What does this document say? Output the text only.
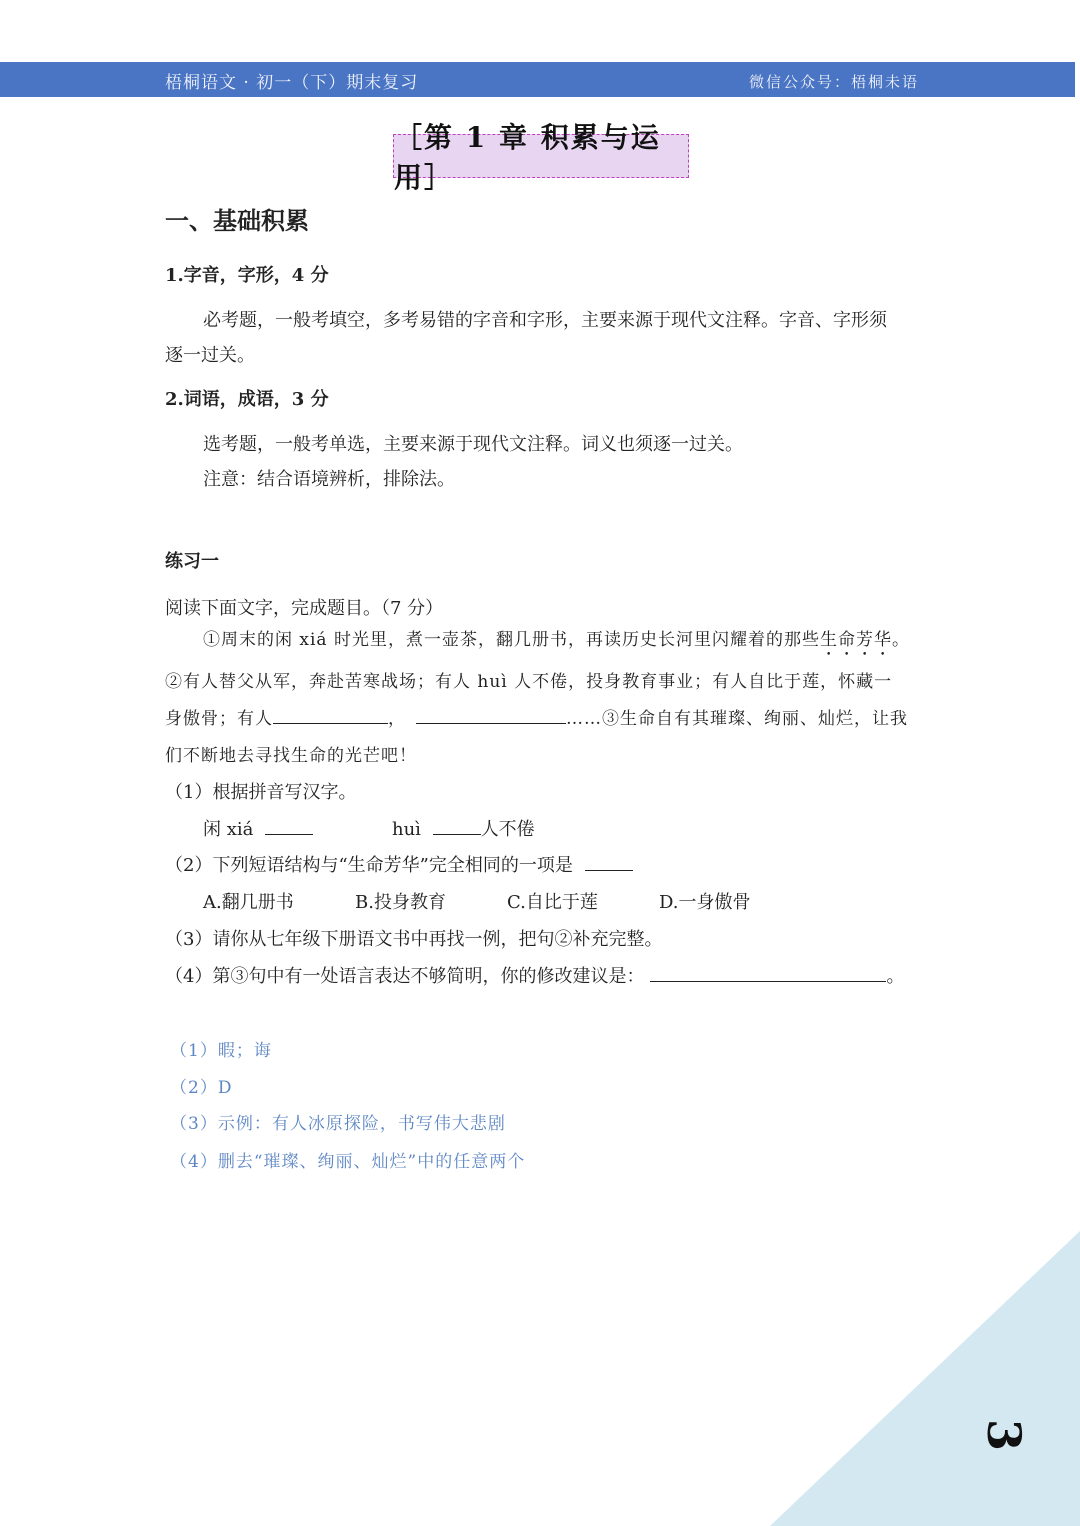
梧桐语文 · 初一（下）期末复习	微信公众号：梧桐未语
［第 1 章 积累与运用］
一、基础积累
1.字音，字形，4 分
必考题，一般考填空，多考易错的字音和字形，主要来源于现代文注释。字音、字形须
逐一过关。
2.词语，成语，3 分
选考题，一般考单选，主要来源于现代文注释。词义也须逐一过关。
注意：结合语境辨析，排除法。
练习一
阅读下面文字，完成题目。（7 分）
①周末的闲 xiá 时光里，煮一壶茶，翻几册书，再读历史长河里闪耀着的那些生命芳华。
②有人替父从军，奔赴苦寒战场；有人 huì 人不倦，投身教育事业；有人自比于莲，怀藏一
身傲骨；有人	，	……③生命自有其璀璨、绚丽、灿烂，让我
们不断地去寻找生命的光芒吧！
（1）根据拼音写汉字。
闲 xiá	huì	人不倦
（2）下列短语结构与“生命芳华”完全相同的一项是
A.翻几册书	B.投身教育	C.自比于莲	D.一身傲骨
（3）请你从七年级下册语文书中再找一例，把句②补充完整。
（4）第③句中有一处语言表达不够简明，你的修改建议是：	。
（1）暇；诲
（2）D
（3）示例：有人冰原探险，书写伟大悲剧
（4）删去“璀璨、绚丽、灿烂”中的任意两个
3
